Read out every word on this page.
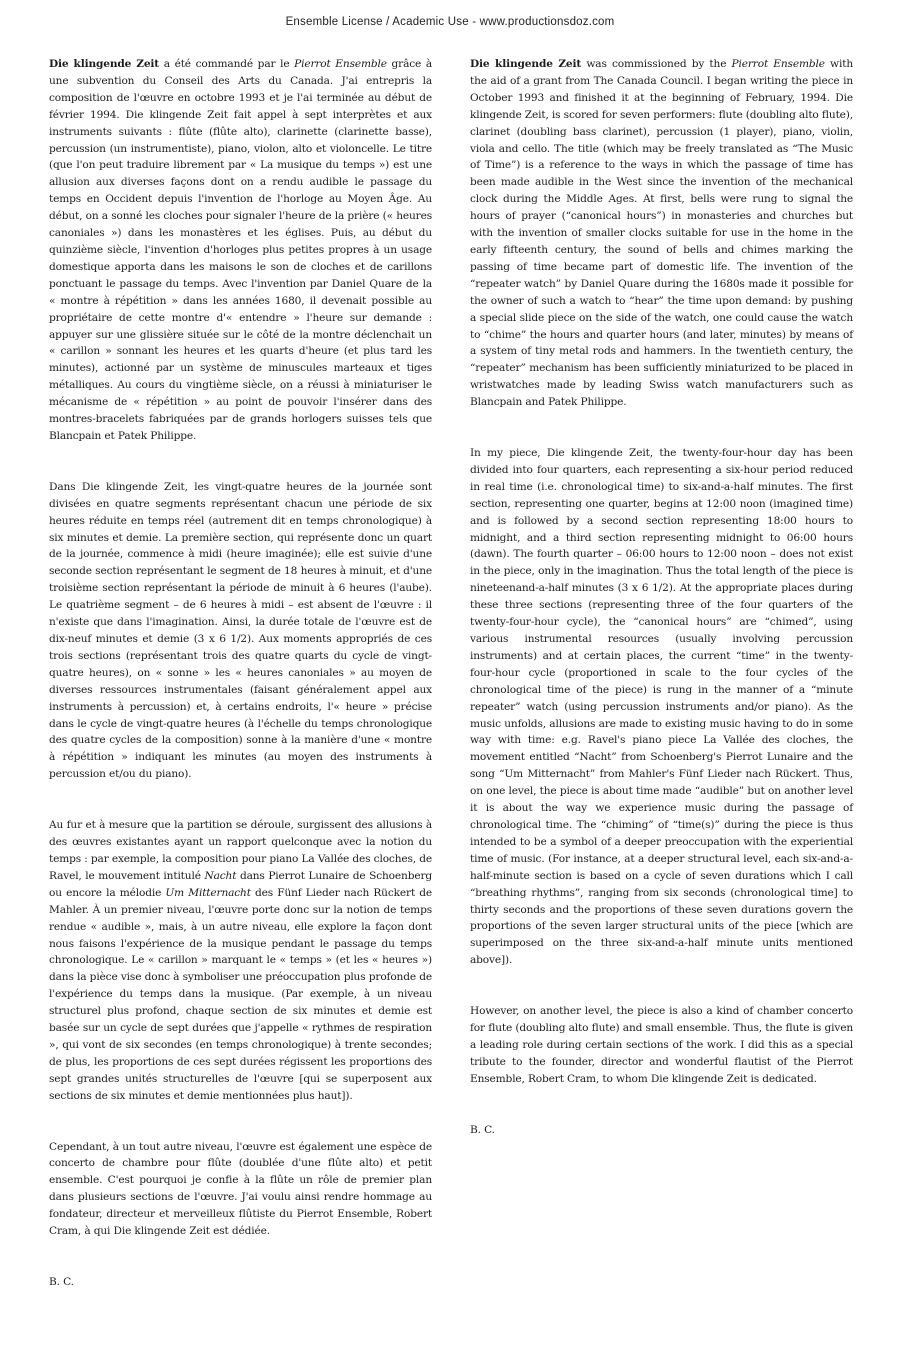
Ensemble License / Academic Use - www.productionsdoz.com

Die klingende Zeit a été commandé par le Pierrot Ensemble grâce à une subvention du Conseil des Arts du Canada. J'ai entrepris la composition de l'œuvre en octobre 1993 et je l'ai terminée au début de février 1994. Die klingende Zeit fait appel à sept interprètes et aux instruments suivants : flûte (flûte alto), clarinette (clarinette basse), percussion (un instrumentiste), piano, violon, alto et violoncelle. Le titre (que l'on peut traduire librement par « La musique du temps ») est une allusion aux diverses façons dont on a rendu audible le passage du temps en Occident depuis l'invention de l'horloge au Moyen Âge. Au début, on a sonné les cloches pour signaler l'heure de la prière (« heures canoniales ») dans les monastères et les églises. Puis, au début du quinzième siècle, l'invention d'horloges plus petites propres à un usage domestique apporta dans les maisons le son de cloches et de carillons ponctuant le passage du temps. Avec l'invention par Daniel Quare de la « montre à répétition » dans les années 1680, il devenait possible au propriétaire de cette montre d'« entendre » l'heure sur demande : appuyer sur une glissière située sur le côté de la montre déclenchait un « carillon » sonnant les heures et les quarts d'heure (et plus tard les minutes), actionné par un système de minuscules marteaux et tiges métalliques. Au cours du vingtième siècle, on a réussi à miniaturiser le mécanisme de « répétition » au point de pouvoir l'insérer dans des montres-bracelets fabriquées par de grands horlogers suisses tels que Blancpain et Patek Philippe.

Dans Die klingende Zeit, les vingt-quatre heures de la journée sont divisées en quatre segments représentant chacun une période de six heures réduite en temps réel (autrement dit en temps chronologique) à six minutes et demie. La première section, qui représente donc un quart de la journée, commence à midi (heure imaginée); elle est suivie d'une seconde section représentant le segment de 18 heures à minuit, et d'une troisième section représentant la période de minuit à 6 heures (l'aube). Le quatrième segment – de 6 heures à midi – est absent de l'œuvre : il n'existe que dans l'imagination. Ainsi, la durée totale de l'œuvre est de dix-neuf minutes et demie (3 x 6 1/2). Aux moments appropriés de ces trois sections (représentant trois des quatre quarts du cycle de vingt-quatre heures), on « sonne » les « heures canoniales » au moyen de diverses ressources instrumentales (faisant généralement appel aux instruments à percussion) et, à certains endroits, l'« heure » précise dans le cycle de vingt-quatre heures (à l'échelle du temps chronologique des quatre cycles de la composition) sonne à la manière d'une « montre à répétition » indiquant les minutes (au moyen des instruments à percussion et/ou du piano).

Au fur et à mesure que la partition se déroule, surgissent des allusions à des œuvres existantes ayant un rapport quelconque avec la notion du temps : par exemple, la composition pour piano La Vallée des cloches, de Ravel, le mouvement intitulé Nacht dans Pierrot Lunaire de Schoenberg ou encore la mélodie Um Mitternacht des Fünf Lieder nach Rückert de Mahler. À un premier niveau, l'œuvre porte donc sur la notion de temps rendue « audible », mais, à un autre niveau, elle explore la façon dont nous faisons l'expérience de la musique pendant le passage du temps chronologique. Le « carillon » marquant le « temps » (et les « heures ») dans la pièce vise donc à symboliser une préoccupation plus profonde de l'expérience du temps dans la musique. (Par exemple, à un niveau structurel plus profond, chaque section de six minutes et demie est basée sur un cycle de sept durées que j'appelle « rythmes de respiration », qui vont de six secondes (en temps chronologique) à trente secondes; de plus, les proportions de ces sept durées régissent les proportions des sept grandes unités structurelles de l'œuvre [qui se superposent aux sections de six minutes et demie mentionnées plus haut]).

Cependant, à un tout autre niveau, l'œuvre est également une espèce de concerto de chambre pour flûte (doublée d'une flûte alto) et petit ensemble. C'est pourquoi je confie à la flûte un rôle de premier plan dans plusieurs sections de l'œuvre. J'ai voulu ainsi rendre hommage au fondateur, directeur et merveilleux flûtiste du Pierrot Ensemble, Robert Cram, à qui Die klingende Zeit est dédiée.

B. C.

Die klingende Zeit was commissioned by the Pierrot Ensemble with the aid of a grant from The Canada Council. I began writing the piece in October 1993 and finished it at the beginning of February, 1994. Die klingende Zeit, is scored for seven performers: flute (doubling alto flute), clarinet (doubling bass clarinet), percussion (1 player), piano, violin, viola and cello. The title (which may be freely translated as “The Music of Time”) is a reference to the ways in which the passage of time has been made audible in the West since the invention of the mechanical clock during the Middle Ages. At first, bells were rung to signal the hours of prayer (“canonical hours”) in monasteries and churches but with the invention of smaller clocks suitable for use in the home in the early fifteenth century, the sound of bells and chimes marking the passing of time became part of domestic life. The invention of the “repeater watch” by Daniel Quare during the 1680s made it possible for the owner of such a watch to “hear” the time upon demand: by pushing a special slide piece on the side of the watch, one could cause the watch to “chime” the hours and quarter hours (and later, minutes) by means of a system of tiny metal rods and hammers. In the twentieth century, the “repeater” mechanism has been sufficiently miniaturized to be placed in wristwatches made by leading Swiss watch manufacturers such as Blancpain and Patek Philippe.

In my piece, Die klingende Zeit, the twenty-four-hour day has been divided into four quarters, each representing a six-hour period reduced in real time (i.e. chronological time) to six-and-a-half minutes. The first section, representing one quarter, begins at 12:00 noon (imagined time) and is followed by a second section representing 18:00 hours to midnight, and a third section representing midnight to 06:00 hours (dawn). The fourth quarter – 06:00 hours to 12:00 noon – does not exist in the piece, only in the imagination. Thus the total length of the piece is nineteenand-a-half minutes (3 x 6 1/2). At the appropriate places during these three sections (representing three of the four quarters of the twenty-four-hour cycle), the “canonical hours” are “chimed”, using various instrumental resources (usually involving percussion instruments) and at certain places, the current “time” in the twenty-four-hour cycle (proportioned in scale to the four cycles of the chronological time of the piece) is rung in the manner of a “minute repeater” watch (using percussion instruments and/or piano). As the music unfolds, allusions are made to existing music having to do in some way with time: e.g. Ravel's piano piece La Vallée des cloches, the movement entitled “Nacht” from Schoenberg's Pierrot Lunaire and the song “Um Mitternacht” from Mahler's Fünf Lieder nach Rückert. Thus, on one level, the piece is about time made “audible” but on another level it is about the way we experience music during the passage of chronological time. The “chiming” of “time(s)” during the piece is thus intended to be a symbol of a deeper preoccupation with the experiential time of music. (For instance, at a deeper structural level, each six-and-a-half-minute section is based on a cycle of seven durations which I call “breathing rhythms”, ranging from six seconds (chronological time] to thirty seconds and the proportions of these seven durations govern the proportions of the seven larger structural units of the piece [which are superimposed on the three six-and-a-half minute units mentioned above]).

However, on another level, the piece is also a kind of chamber concerto for flute (doubling alto flute) and small ensemble. Thus, the flute is given a leading role during certain sections of the work. I did this as a special tribute to the founder, director and wonderful flautist of the Pierrot Ensemble, Robert Cram, to whom Die klingende Zeit is dedicated.

B. C.
